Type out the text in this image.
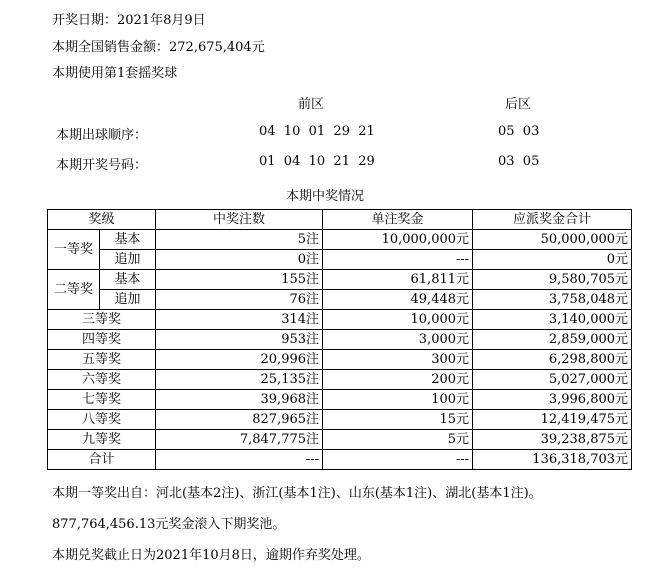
开奖日期：2021年8月9日
本期全国销售金额：272,675,404元
本期使用第1套摇奖球
前区	后区
本期出球顺序：	04  10  01  29  21	05  03
本期开奖号码：	01  04  10  21  29	03  05
本期中奖情况
奖级		中奖注数	单注奖金	应派奖金合计
一等奖	基本	5注	10,000,000元	50,000,000元
	追加	0注	---	0元
二等奖	基本	155注	61,811元	9,580,705元
	追加	76注	49,448元	3,758,048元
三等奖		314注	10,000元	3,140,000元
四等奖		953注	3,000元	2,859,000元
五等奖		20,996注	300元	6,298,800元
六等奖		25,135注	200元	5,027,000元
七等奖		39,968注	100元	3,996,800元
八等奖		827,965注	15元	12,419,475元
九等奖		7,847,775注	5元	39,238,875元
合计		---	---	136,318,703元
本期一等奖出自：河北(基本2注)、浙江(基本1注)、山东(基本1注)、湖北(基本1注)。
877,764,456.13元奖金滚入下期奖池。
本期兑奖截止日为2021年10月8日，逾期作弃奖处理。
